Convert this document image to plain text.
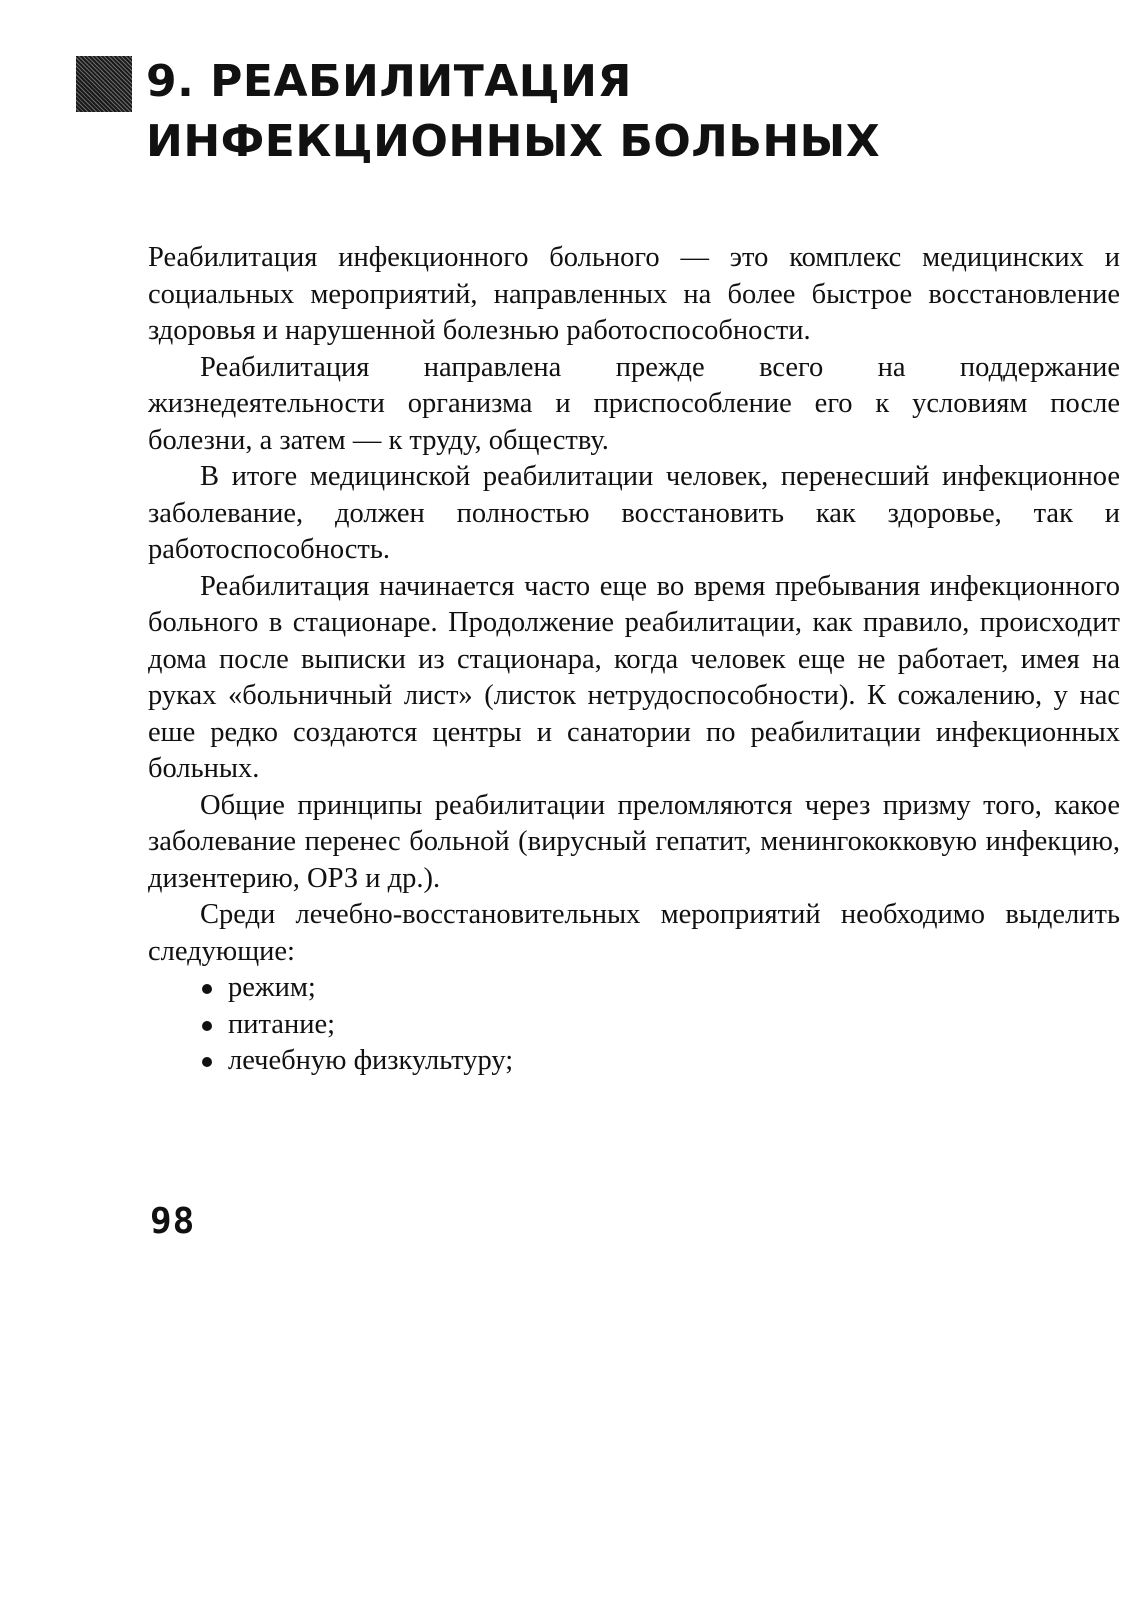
9. РЕАБИЛИТАЦИЯ
ИНФЕКЦИОННЫХ БОЛЬНЫХ

Реабилитация инфекционного больного — это комплекс медицинских и социальных мероприятий, направленных на более быстрое восстановление здоровья и нарушенной болезнью работоспособности.

Реабилитация направлена прежде всего на поддержание жизнедеятельности организма и приспособление его к условиям после болезни, а затем — к труду, обществу.

В итоге медицинской реабилитации человек, перенесший инфекционное заболевание, должен полностью восстановить как здоровье, так и работоспособность.

Реабилитация начинается часто еще во время пребывания инфекционного больного в стационаре. Продолжение реабилитации, как правило, происходит дома после выписки из стационара, когда человек еще не работает, имея на руках «больничный лист» (листок нетрудоспособности). К сожалению, у нас еше редко создаются центры и санатории по реабилитации инфекционных больных.

Общие принципы реабилитации преломляются через призму того, какое заболевание перенес больной (вирусный гепатит, менингококковую инфекцию, дизентерию, ОРЗ и др.).

Среди лечебно-восстановительных мероприятий необходимо выделить следующие:

режим;
питание;
лечебную физкультуру;
98
